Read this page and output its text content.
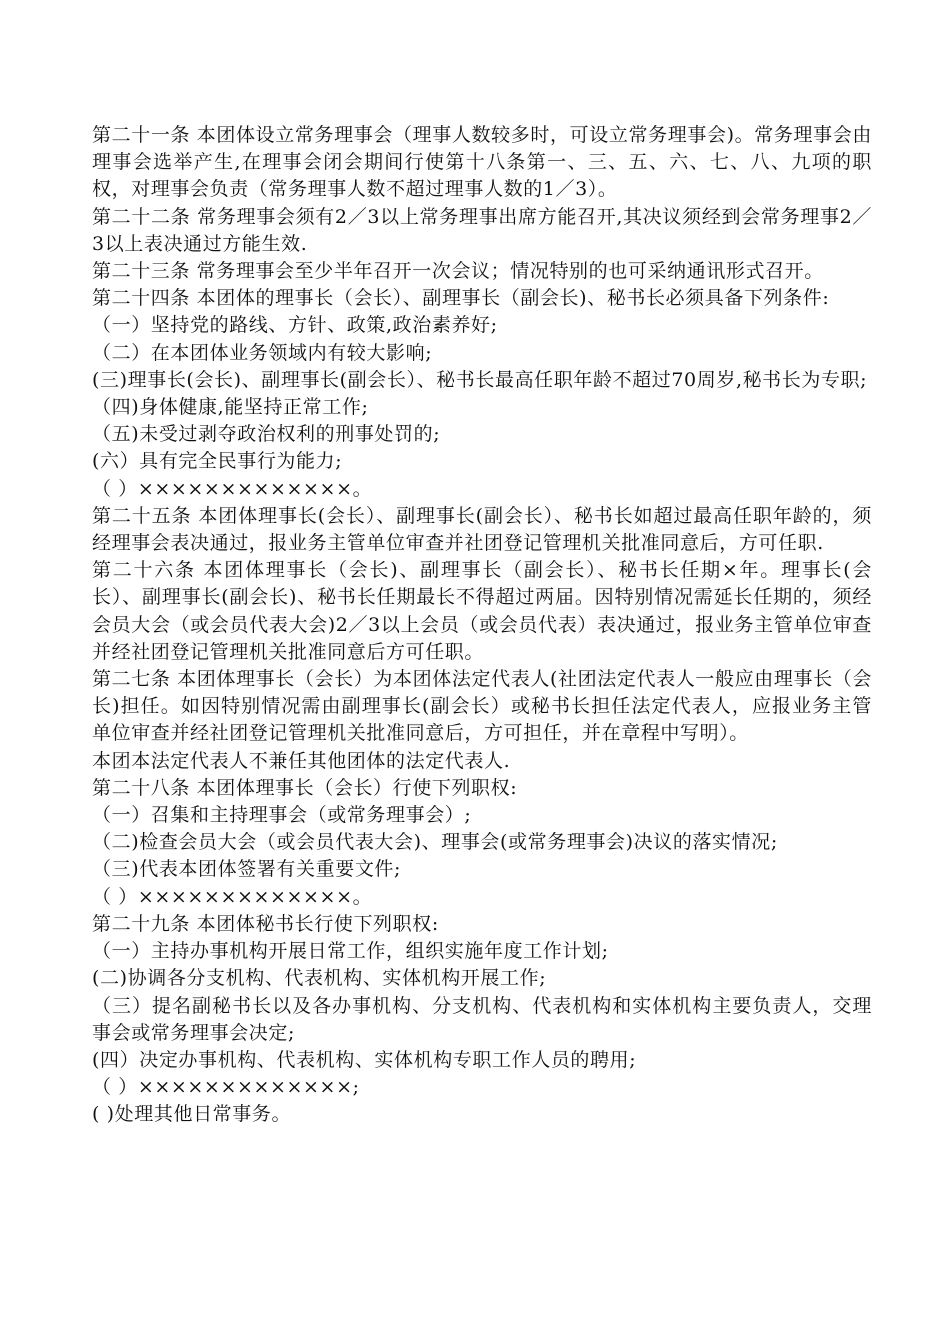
第二十一条 本团体设立常务理事会（理事人数较多时，可设立常务理事会)。常务理事会由理事会选举产生,在理事会闭会期间行使第十八条第一、三、五、六、七、八、九项的职权，对理事会负责（常务理事人数不超过理事人数的1／3）。

第二十二条 常务理事会须有2／3以上常务理事出席方能召开,其决议须经到会常务理事2／3以上表决通过方能生效.

第二十三条 常务理事会至少半年召开一次会议；情况特别的也可采纳通讯形式召开。

第二十四条 本团体的理事长（会长）、副理事长（副会长)、秘书长必须具备下列条件:

（一）坚持党的路线、方针、政策,政治素养好;

（二）在本团体业务领域内有较大影响;

(三)理事长(会长)、副理事长(副会长）、秘书长最高任职年龄不超过70周岁,秘书长为专职;

（四)身体健康,能坚持正常工作;

（五)未受过剥夺政治权利的刑事处罚的;

(六）具有完全民事行为能力;

（ ）×××××××××××××。

第二十五条 本团体理事长(会长）、副理事长(副会长）、秘书长如超过最高任职年龄的，须经理事会表决通过，报业务主管单位审查并社团登记管理机关批准同意后，方可任职.

第二十六条 本团体理事长（会长)、副理事长（副会长）、秘书长任期×年。理事长(会长）、副理事长(副会长)、秘书长任期最长不得超过两届。因特别情况需延长任期的，须经会员大会（或会员代表大会)2／3以上会员（或会员代表）表决通过，报业务主管单位审查并经社团登记管理机关批准同意后方可任职。

第二七条 本团体理事长（会长）为本团体法定代表人(社团法定代表人一般应由理事长（会长)担任。如因特别情况需由副理事长(副会长）或秘书长担任法定代表人，应报业务主管单位审查并经社团登记管理机关批准同意后，方可担任，并在章程中写明）。

本团本法定代表人不兼任其他团体的法定代表人.

第二十八条 本团体理事长（会长）行使下列职权:

（一）召集和主持理事会（或常务理事会）;

（二)检查会员大会（或会员代表大会)、理事会(或常务理事会)决议的落实情况;

（三)代表本团体签署有关重要文件;

（ ）×××××××××××××。

第二十九条 本团体秘书长行使下列职权:

（一）主持办事机构开展日常工作，组织实施年度工作计划;

(二)协调各分支机构、代表机构、实体机构开展工作;

（三）提名副秘书长以及各办事机构、分支机构、代表机构和实体机构主要负责人，交理事会或常务理事会决定;

(四）决定办事机构、代表机构、实体机构专职工作人员的聘用;

（ ）×××××××××××××;

( )处理其他日常事务。
